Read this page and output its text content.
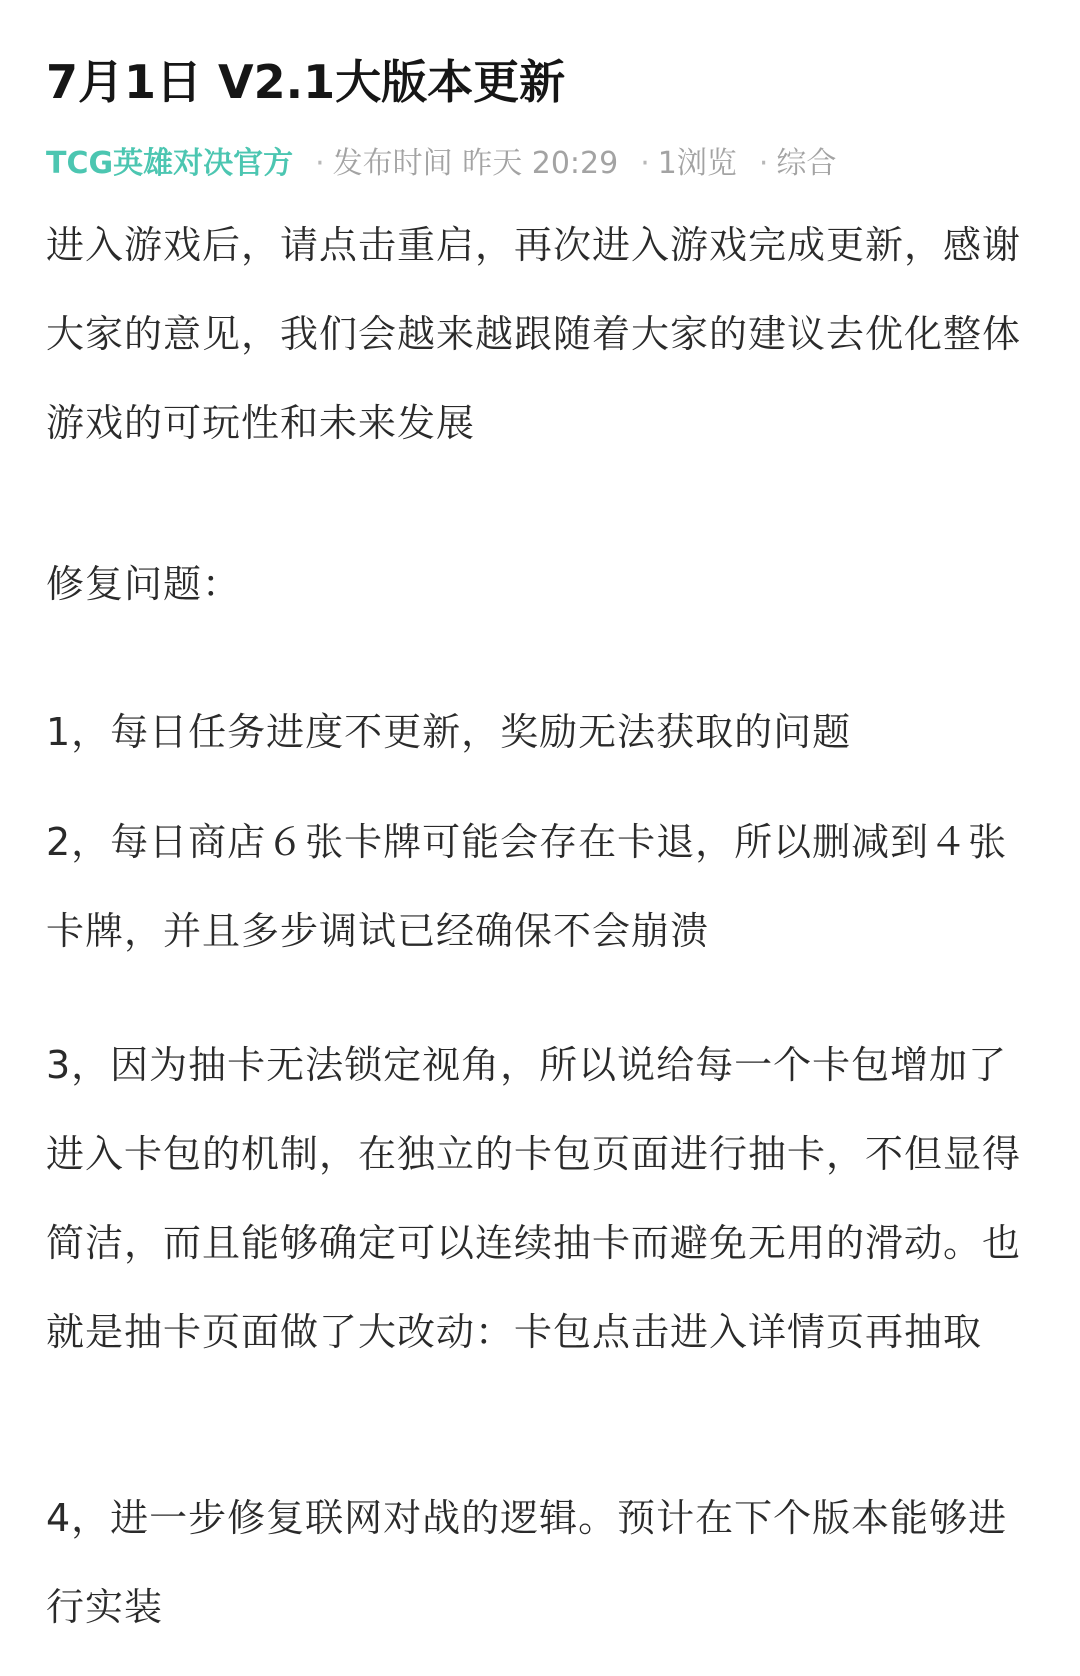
7月1日 V2.1大版本更新
TCG英雄对决官方 · 发布时间 昨天 20:29 · 1浏览 · 综合

进入游戏后，请点击重启，再次进入游戏完成更新，感谢大家的意见，我们会越来越跟随着大家的建议去优化整体游戏的可玩性和未来发展

修复问题：

1，每日任务进度不更新，奖励无法获取的问题

2，每日商店６张卡牌可能会存在卡退，所以删减到４张卡牌，并且多步调试已经确保不会崩溃

3，因为抽卡无法锁定视角，所以说给每一个卡包增加了进入卡包的机制，在独立的卡包页面进行抽卡，不但显得简洁，而且能够确定可以连续抽卡而避免无用的滑动。也就是抽卡页面做了大改动：卡包点击进入详情页再抽取

4，进一步修复联网对战的逻辑。预计在下个版本能够进行实装
